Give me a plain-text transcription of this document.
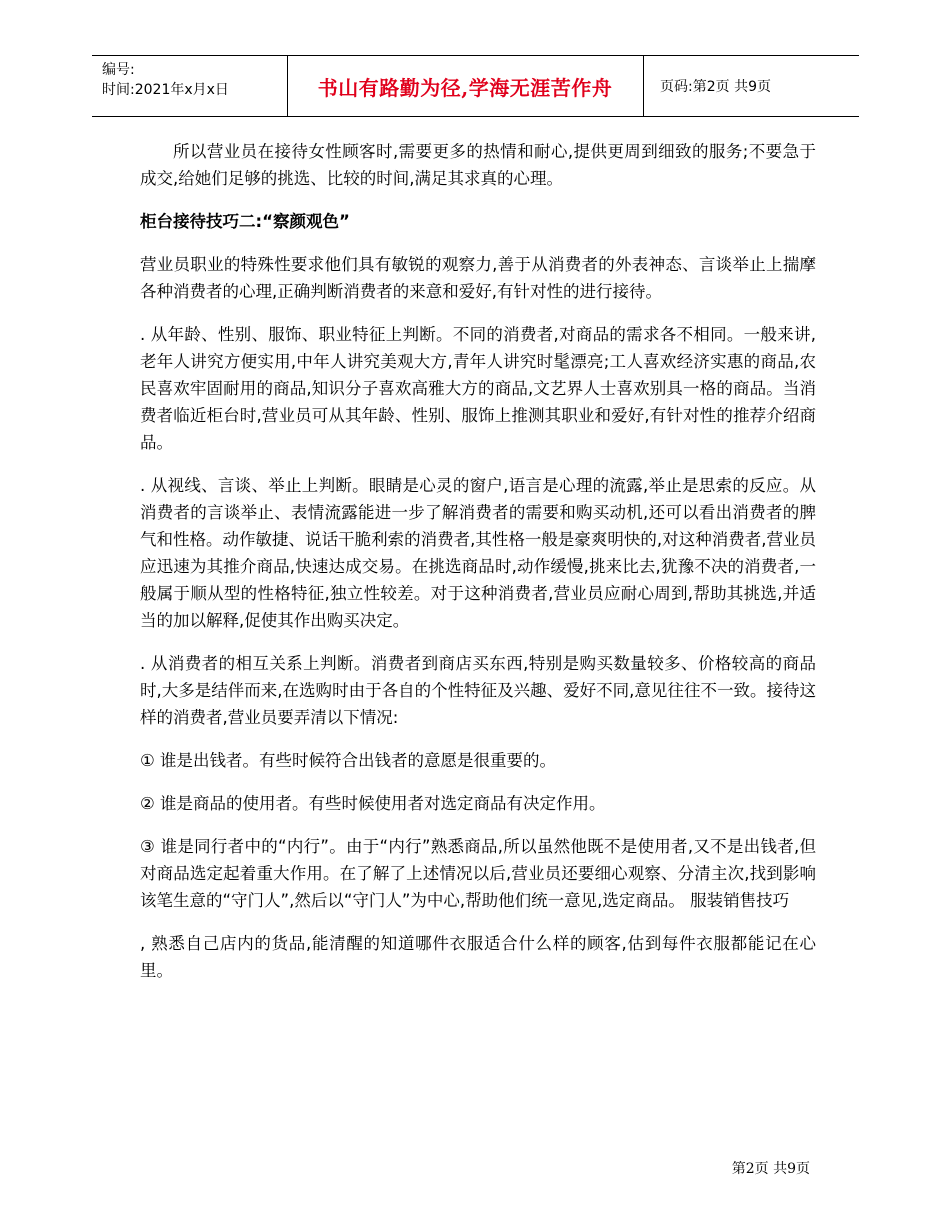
编号:
时间:2021年x月x日	书山有路勤为径,学海无涯苦作舟	页码:第2页 共9页

所以营业员在接待女性顾客时,需要更多的热情和耐心,提供更周到细致的服务;不要急于成交,给她们足够的挑选、比较的时间,满足其求真的心理。

柜台接待技巧二:“察颜观色”

营业员职业的特殊性要求他们具有敏锐的观察力,善于从消费者的外表神态、言谈举止上揣摩各种消费者的心理,正确判断消费者的来意和爱好,有针对性的进行接待。

. 从年龄、性别、服饰、职业特征上判断。不同的消费者,对商品的需求各不相同。一般来讲,老年人讲究方便实用,中年人讲究美观大方,青年人讲究时髦漂亮;工人喜欢经济实惠的商品,农民喜欢牢固耐用的商品,知识分子喜欢高雅大方的商品,文艺界人士喜欢别具一格的商品。当消费者临近柜台时,营业员可从其年龄、性别、服饰上推测其职业和爱好,有针对性的推荐介绍商品。

. 从视线、言谈、举止上判断。眼睛是心灵的窗户,语言是心理的流露,举止是思索的反应。从消费者的言谈举止、表情流露能进一步了解消费者的需要和购买动机,还可以看出消费者的脾气和性格。动作敏捷、说话干脆利索的消费者,其性格一般是豪爽明快的,对这种消费者,营业员应迅速为其推介商品,快速达成交易。在挑选商品时,动作缓慢,挑来比去,犹豫不决的消费者,一般属于顺从型的性格特征,独立性较差。对于这种消费者,营业员应耐心周到,帮助其挑选,并适当的加以解释,促使其作出购买决定。

. 从消费者的相互关系上判断。消费者到商店买东西,特别是购买数量较多、价格较高的商品时,大多是结伴而来,在选购时由于各自的个性特征及兴趣、爱好不同,意见往往不一致。接待这样的消费者,营业员要弄清以下情况:

① 谁是出钱者。有些时候符合出钱者的意愿是很重要的。

② 谁是商品的使用者。有些时候使用者对选定商品有决定作用。

③ 谁是同行者中的“内行”。由于“内行”熟悉商品,所以虽然他既不是使用者,又不是出钱者,但对商品选定起着重大作用。在了解了上述情况以后,营业员还要细心观察、分清主次,找到影响该笔生意的“守门人”,然后以“守门人”为中心,帮助他们统一意见,选定商品。 服装销售技巧

, 熟悉自己店内的货品,能清醒的知道哪件衣服适合什么样的顾客,估到每件衣服都能记在心里。

第2页 共9页
